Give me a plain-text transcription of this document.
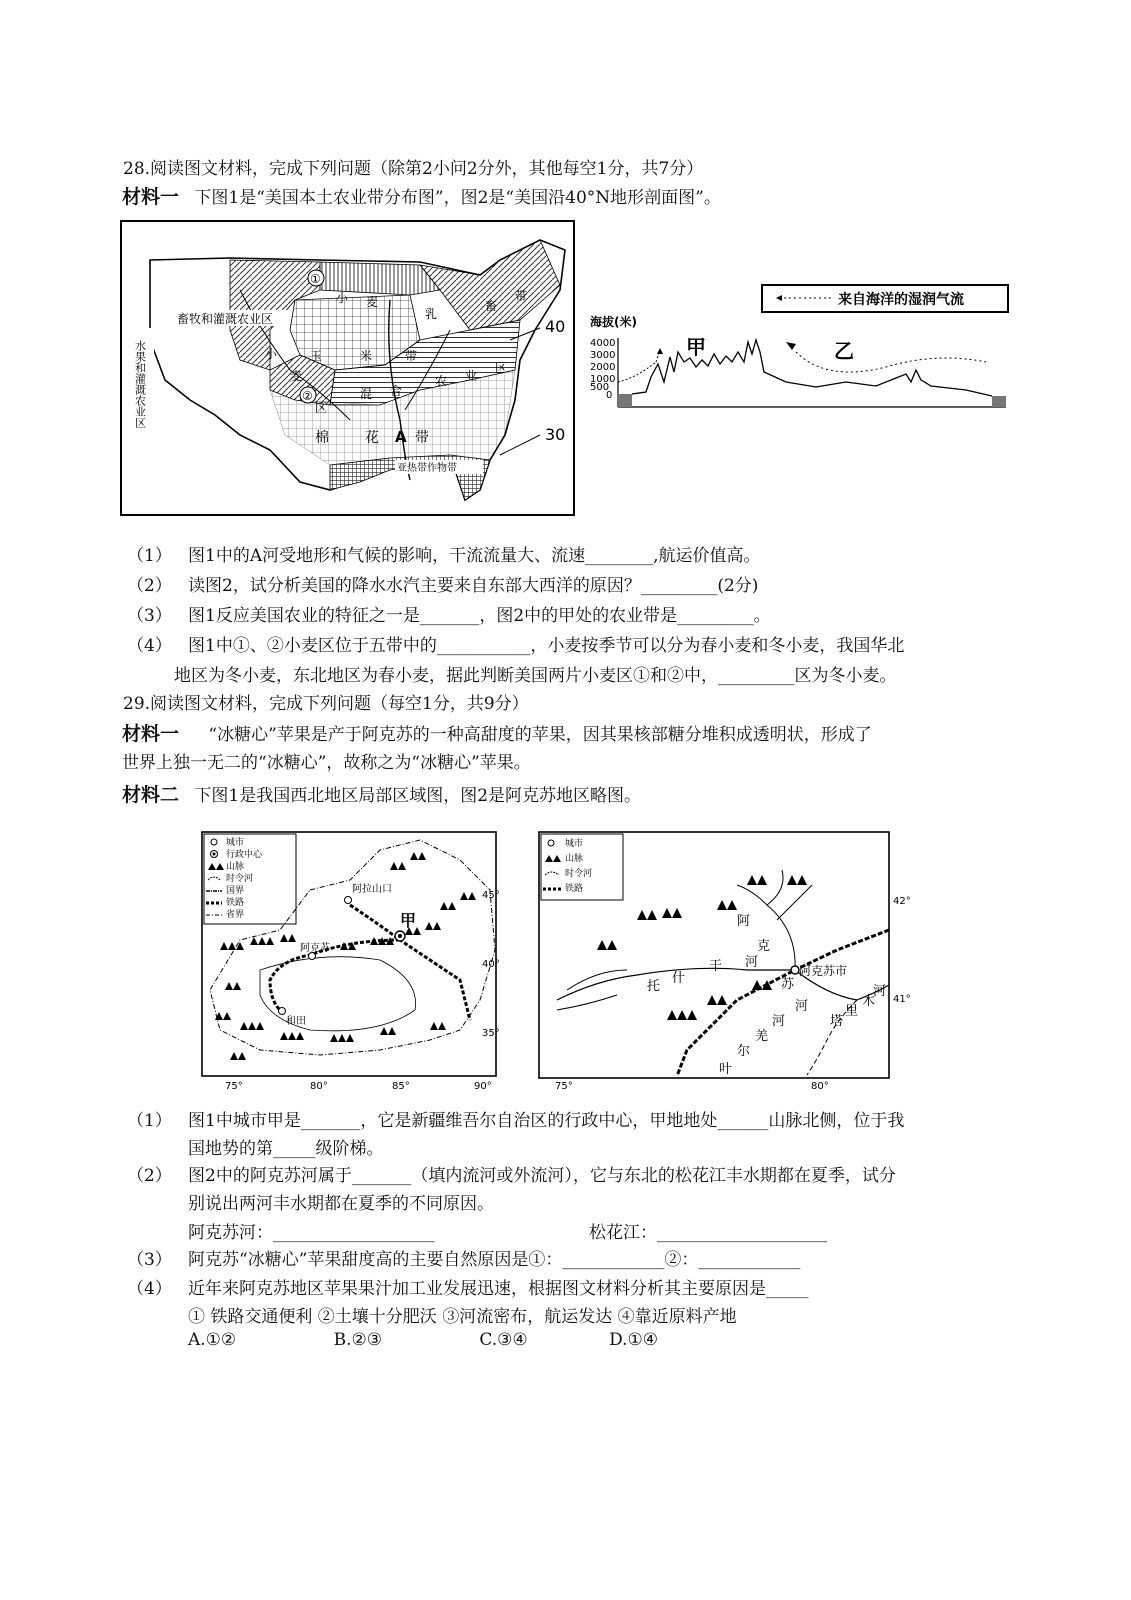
28.阅读图文材料，完成下列问题（除第2小问2分外，其他每空1分，共7分）
材料一 下图1是“美国本土农业带分布图”，图2是“美国沿40°N地形剖面图”。
畜牧和灌溉农业区
水果和灌溉农业区
①
②
小 麦
乳
畜
带
小	玉	米	带
麦
区
混 合
农 业
区
棉	花 A 带
亚热带作物带
40
30
来自海洋的湿润气流
海拔(米)
4000
3000
2000
1000
500
0
甲	乙
（1） 图1中的A河受地形和气候的影响，干流流量大、流速________,航运价值高。
（2） 读图2，试分析美国的降水水汽主要来自东部大西洋的原因？_________(2分)
（3） 图1反应美国农业的特征之一是_______，图2中的甲处的农业带是_________。
（4） 图1中①、②小麦区位于五带中的___________，小麦按季节可以分为春小麦和冬小麦，我国华北
地区为冬小麦，东北地区为春小麦，据此判断美国两片小麦区①和②中，_________区为冬小麦。
29.阅读图文材料，完成下列问题（每空1分，共9分）
材料一 “冰糖心”苹果是产于阿克苏的一种高甜度的苹果，因其果核部糖分堆积成透明状，形成了
世界上独一无二的“冰糖心”，故称之为“冰糖心”苹果。
材料二 下图1是我国西北地区局部区域图，图2是阿克苏地区略图。
城市
行政中心
山脉
时令河
国界
铁路
省界
阿拉山口
甲
阿克苏
和田
45°
40°
35°
75°	80°	85°	90°
城市
山脉
时令河
铁路
阿克苏市
阿
克
苏
河
托
什
干
河
塔
里
木
河
叶
尔
羌
河
42°
41°
75°	80°
（1） 图1中城市甲是_______，它是新疆维吾尔自治区的行政中心，甲地地处______山脉北侧，位于我
国地势的第_____级阶梯。
（2） 图2中的阿克苏河属于_______（填内流河或外流河），它与东北的松花江丰水期都在夏季，试分
别说出两河丰水期都在夏季的不同原因。
阿克苏河：___________________	松花江：____________________
（3） 阿克苏“冰糖心”苹果甜度高的主要自然原因是①：____________②：____________
（4） 近年来阿克苏地区苹果果汁加工业发展迅速，根据图文材料分析其主要原因是_____
① 铁路交通便利 ②土壤十分肥沃 ③河流密布，航运发达 ④靠近原料产地
A.①②	B.②③	C.③④	D.①④
